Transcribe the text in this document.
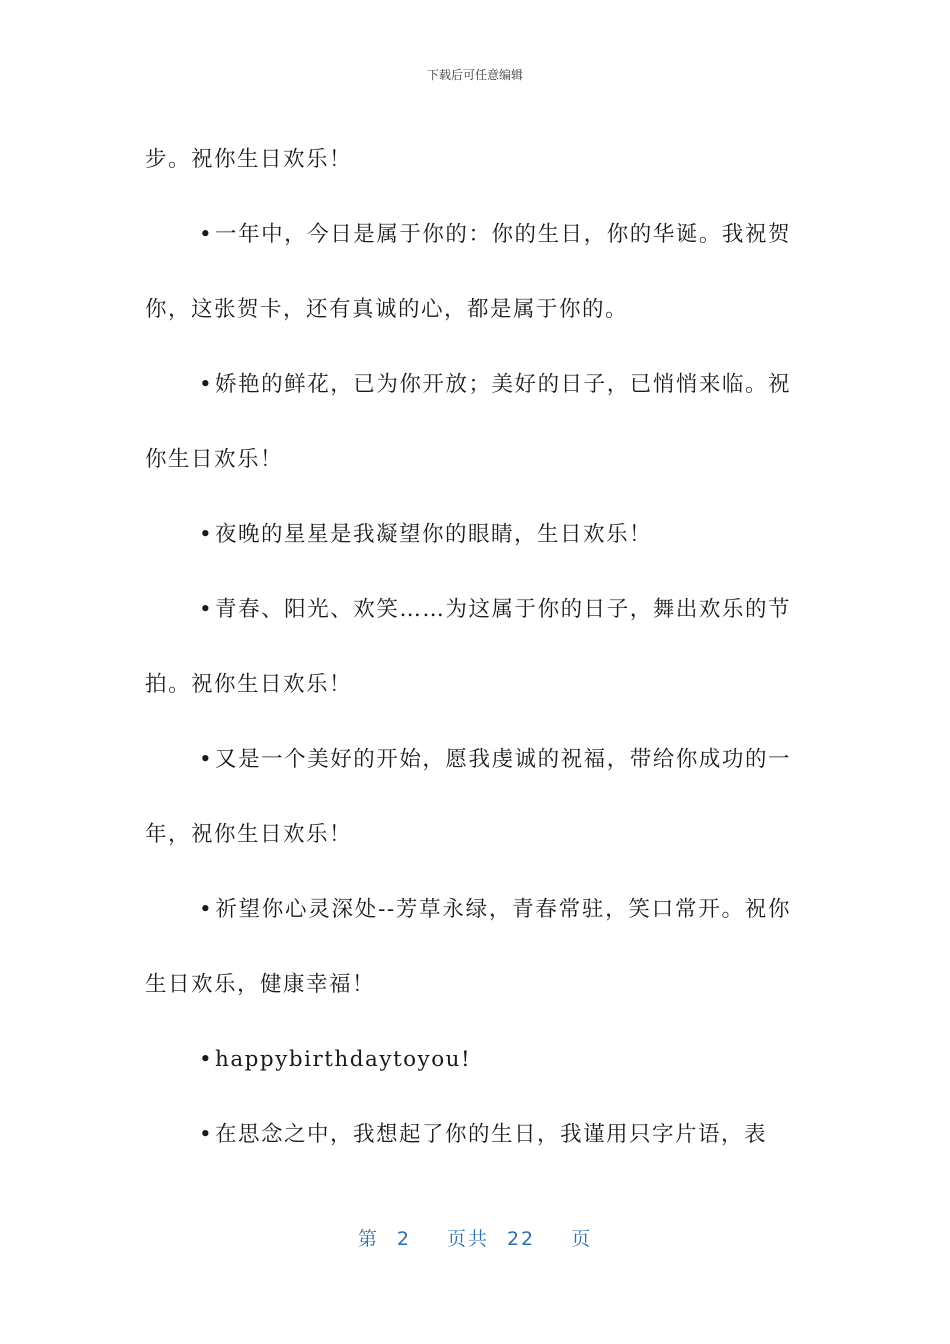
下载后可任意编辑

步。祝你生日欢乐！

•一年中，今日是属于你的：你的生日，你的华诞。我祝贺你，这张贺卡，还有真诚的心，都是属于你的。

•娇艳的鲜花，已为你开放；美好的日子，已悄悄来临。祝你生日欢乐！

•夜晚的星星是我凝望你的眼睛，生日欢乐！

•青春、阳光、欢笑……为这属于你的日子，舞出欢乐的节拍。祝你生日欢乐！

•又是一个美好的开始，愿我虔诚的祝福，带给你成功的一年，祝你生日欢乐！

•祈望你心灵深处--芳草永绿，青春常驻，笑口常开。祝你生日欢乐，健康幸福！

•happybirthdaytoyou!

•在思念之中，我想起了你的生日，我谨用只字片语，表

第 2 页共 22 页
